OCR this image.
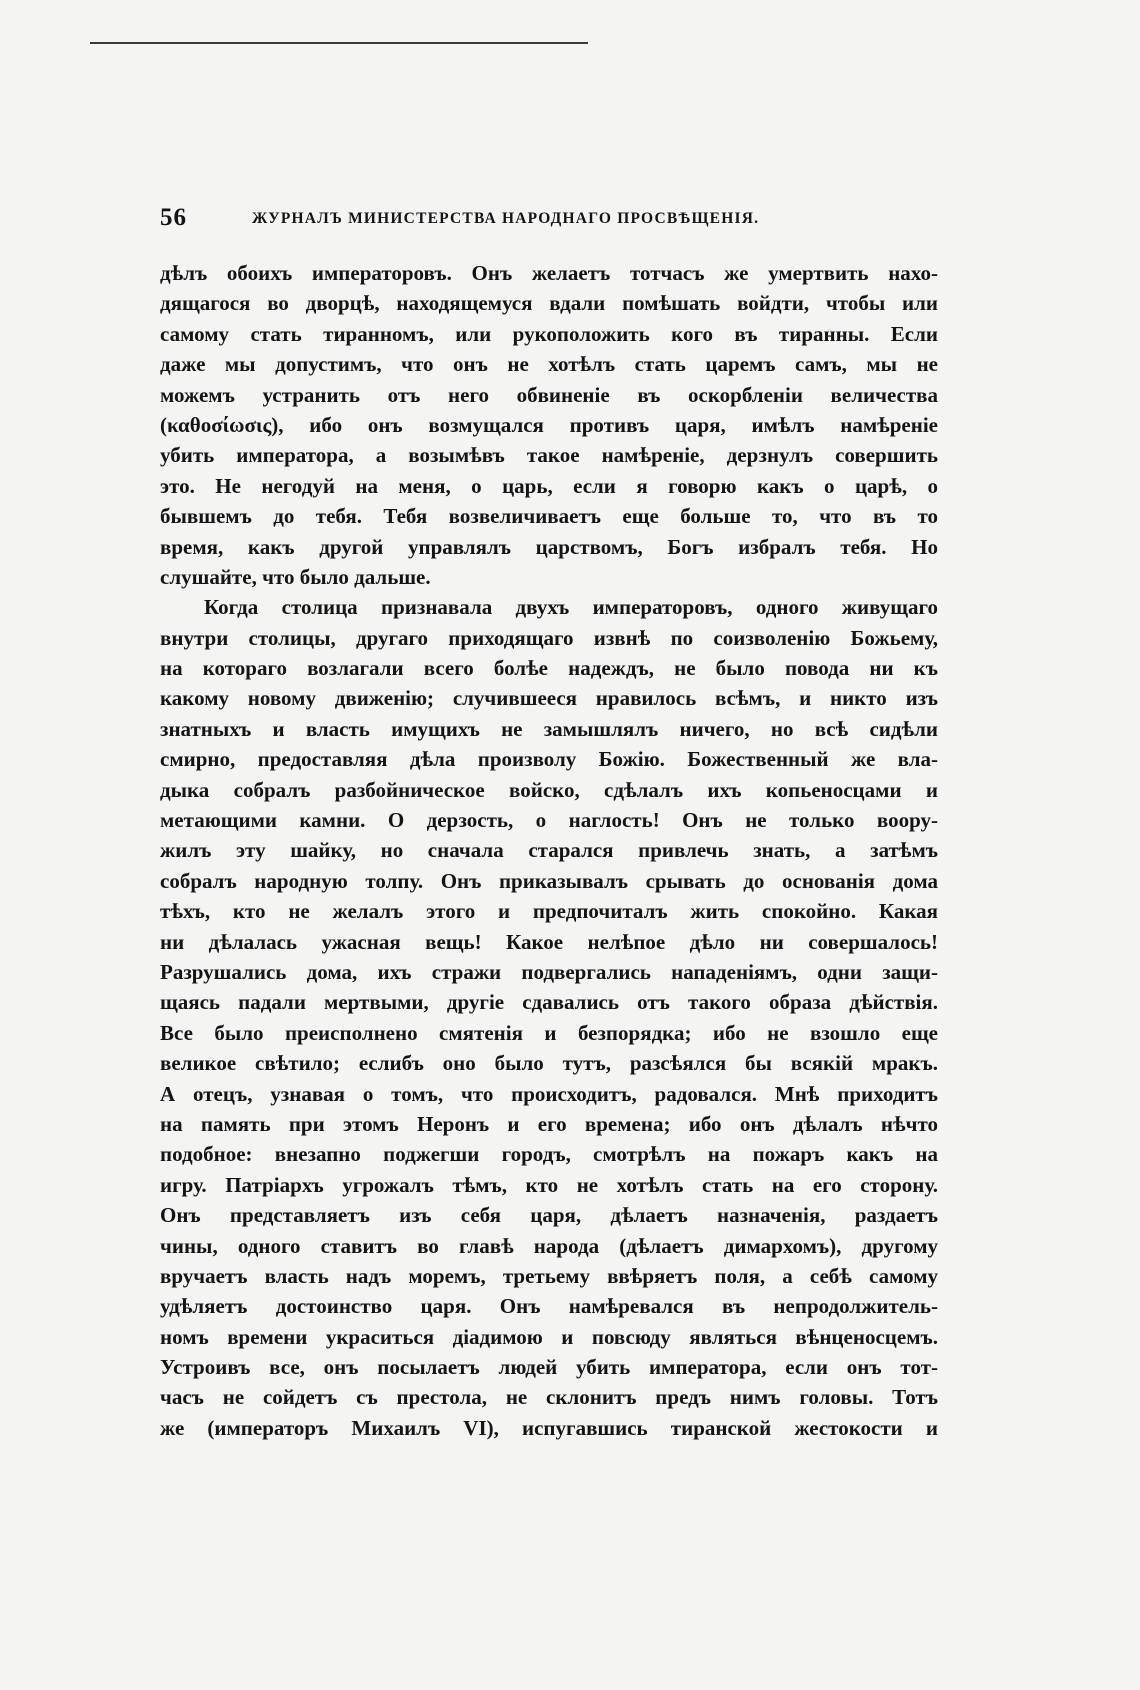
56	ЖУРНАЛЪ МИНИСТЕРСТВА НАРОДНАГО ПРОСВѢЩЕНІЯ.
дѣлъ обоихъ императоровъ. Онъ желаетъ тотчасъ же умертвить нахо-
дящагося во дворцѣ, находящемуся вдали помѣшать войдти, чтобы или
самому стать тиранномъ, или рукоположить кого въ тиранны. Если
даже мы допустимъ, что онъ не хотѣлъ стать царемъ самъ, мы не
можемъ устранить отъ него обвиненіе въ оскорбленіи величества
(καθοσίωσις), ибо онъ возмущался противъ царя, имѣлъ намѣреніе
убить императора, а возымѣвъ такое намѣреніе, дерзнулъ совершить
это. Не негодуй на меня, о царь, если я говорю какъ о царѣ, о
бывшемъ до тебя. Тебя возвеличиваетъ еще больше то, что въ то
время, какъ другой управлялъ царствомъ, Богъ избралъ тебя. Но
слушайте, что было дальше.
Когда столица признавала двухъ императоровъ, одного живущаго
внутри столицы, другаго приходящаго извнѣ по соизволенію Божьему,
на котораго возлагали всего болѣе надеждъ, не было повода ни къ
какому новому движенію; случившееся нравилось всѣмъ, и никто изъ
знатныхъ и власть имущихъ не замышлялъ ничего, но всѣ сидѣли
смирно, предоставляя дѣла произволу Божію. Божественный же вла-
дыка собралъ разбойническое войско, сдѣлалъ ихъ копьеносцами и
метающими камни. О дерзость, о наглость! Онъ не только воору-
жилъ эту шайку, но сначала старался привлечь знать, а затѣмъ
собралъ народную толпу. Онъ приказывалъ срывать до основанія дома
тѣхъ, кто не желалъ этого и предпочиталъ жить спокойно. Какая
ни дѣлалась ужасная вещь! Какое нелѣпое дѣло ни совершалось!
Разрушались дома, ихъ стражи подвергались нападеніямъ, одни защи-
щаясь падали мертвыми, другіе сдавались отъ такого образа дѣйствія.
Все было преисполнено смятенія и безпорядка; ибо не взошло еще
великое свѣтило; еслибъ оно было тутъ, разсѣялся бы всякій мракъ.
А отецъ, узнавая о томъ, что происходитъ, радовался. Мнѣ приходитъ
на память при этомъ Неронъ и его времена; ибо онъ дѣлалъ нѣчто
подобное: внезапно поджегши городъ, смотрѣлъ на пожаръ какъ на
игру. Патріархъ угрожалъ тѣмъ, кто не хотѣлъ стать на его сторону.
Онъ представляетъ изъ себя царя, дѣлаетъ назначенія, раздаетъ
чины, одного ставитъ во главѣ народа (дѣлаетъ димархомъ), другому
вручаетъ власть надъ моремъ, третьему ввѣряетъ поля, а себѣ самому
удѣляетъ достоинство царя. Онъ намѣревался въ непродолжитель-
номъ времени украситься діадимою и повсюду являться вѣнценосцемъ.
Устроивъ все, онъ посылаетъ людей убить императора, если онъ тот-
часъ не сойдетъ съ престола, не склонитъ предъ нимъ головы. Тотъ
же (императоръ Михаилъ VI), испугавшись тиранской жестокости и
